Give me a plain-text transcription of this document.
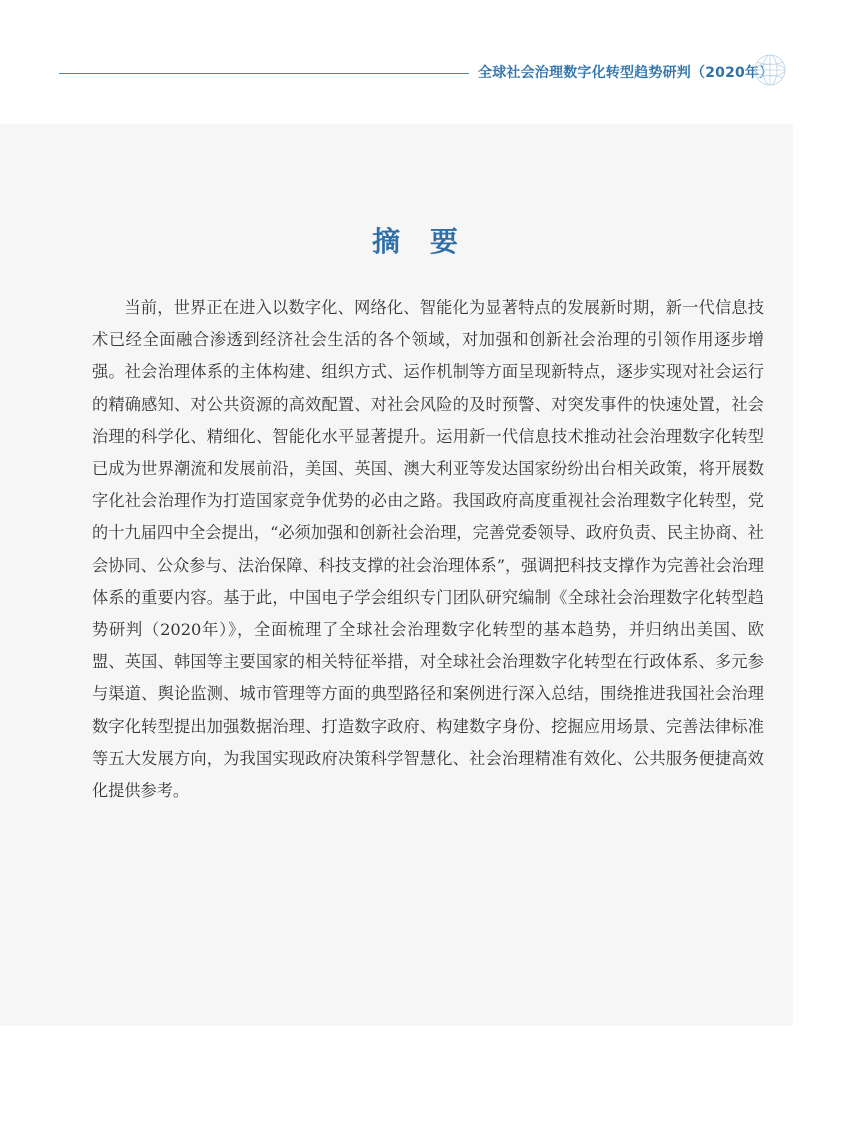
全球社会治理数字化转型趋势研判（2020年）
摘 要

当前，世界正在进入以数字化、网络化、智能化为显著特点的发展新时期，新一代信息技术已经全面融合渗透到经济社会生活的各个领域，对加强和创新社会治理的引领作用逐步增强。社会治理体系的主体构建、组织方式、运作机制等方面呈现新特点，逐步实现对社会运行的精确感知、对公共资源的高效配置、对社会风险的及时预警、对突发事件的快速处置，社会治理的科学化、精细化、智能化水平显著提升。运用新一代信息技术推动社会治理数字化转型已成为世界潮流和发展前沿，美国、英国、澳大利亚等发达国家纷纷出台相关政策，将开展数字化社会治理作为打造国家竞争优势的必由之路。我国政府高度重视社会治理数字化转型，党的十九届四中全会提出，“必须加强和创新社会治理，完善党委领导、政府负责、民主协商、社会协同、公众参与、法治保障、科技支撑的社会治理体系”，强调把科技支撑作为完善社会治理体系的重要内容。基于此，中国电子学会组织专门团队研究编制《全球社会治理数字化转型趋势研判（2020年）》，全面梳理了全球社会治理数字化转型的基本趋势，并归纳出美国、欧盟、英国、韩国等主要国家的相关特征举措，对全球社会治理数字化转型在行政体系、多元参与渠道、舆论监测、城市管理等方面的典型路径和案例进行深入总结，围绕推进我国社会治理数字化转型提出加强数据治理、打造数字政府、构建数字身份、挖掘应用场景、完善法律标准等五大发展方向，为我国实现政府决策科学智慧化、社会治理精准有效化、公共服务便捷高效化提供参考。
